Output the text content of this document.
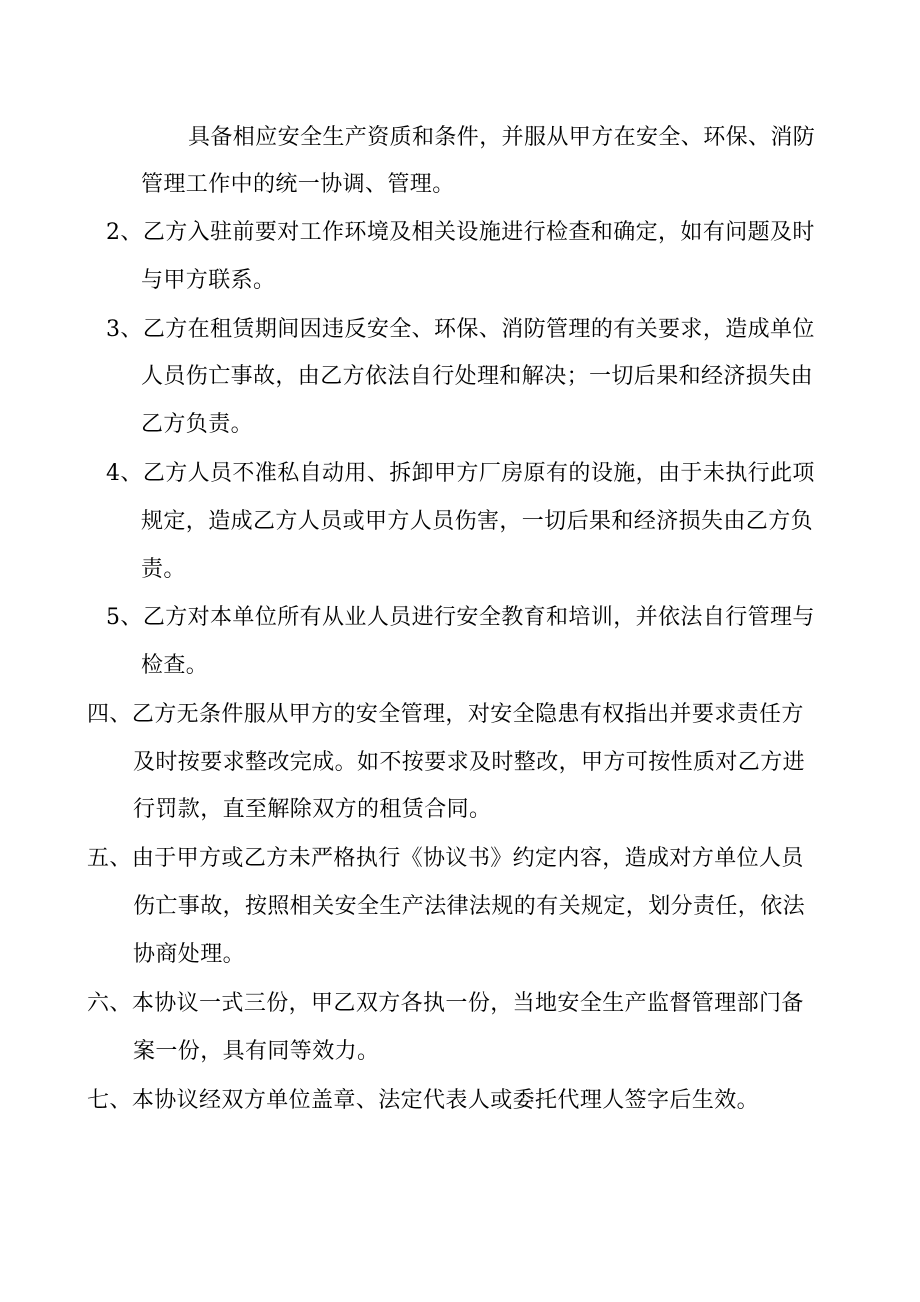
具备相应安全生产资质和条件，并服从甲方在安全、环保、消防
管理工作中的统一协调、管理。
2、乙方入驻前要对工作环境及相关设施进行检查和确定，如有问题及时
与甲方联系。
3、乙方在租赁期间因违反安全、环保、消防管理的有关要求，造成单位
人员伤亡事故，由乙方依法自行处理和解决；一切后果和经济损失由
乙方负责。
4、乙方人员不准私自动用、拆卸甲方厂房原有的设施，由于未执行此项
规定，造成乙方人员或甲方人员伤害，一切后果和经济损失由乙方负
责。
5、乙方对本单位所有从业人员进行安全教育和培训，并依法自行管理与
检查。
四、乙方无条件服从甲方的安全管理，对安全隐患有权指出并要求责任方
及时按要求整改完成。如不按要求及时整改，甲方可按性质对乙方进
行罚款，直至解除双方的租赁合同。
五、由于甲方或乙方未严格执行《协议书》约定内容，造成对方单位人员
伤亡事故，按照相关安全生产法律法规的有关规定，划分责任，依法
协商处理。
六、本协议一式三份，甲乙双方各执一份，当地安全生产监督管理部门备
案一份，具有同等效力。
七、本协议经双方单位盖章、法定代表人或委托代理人签字后生效。
